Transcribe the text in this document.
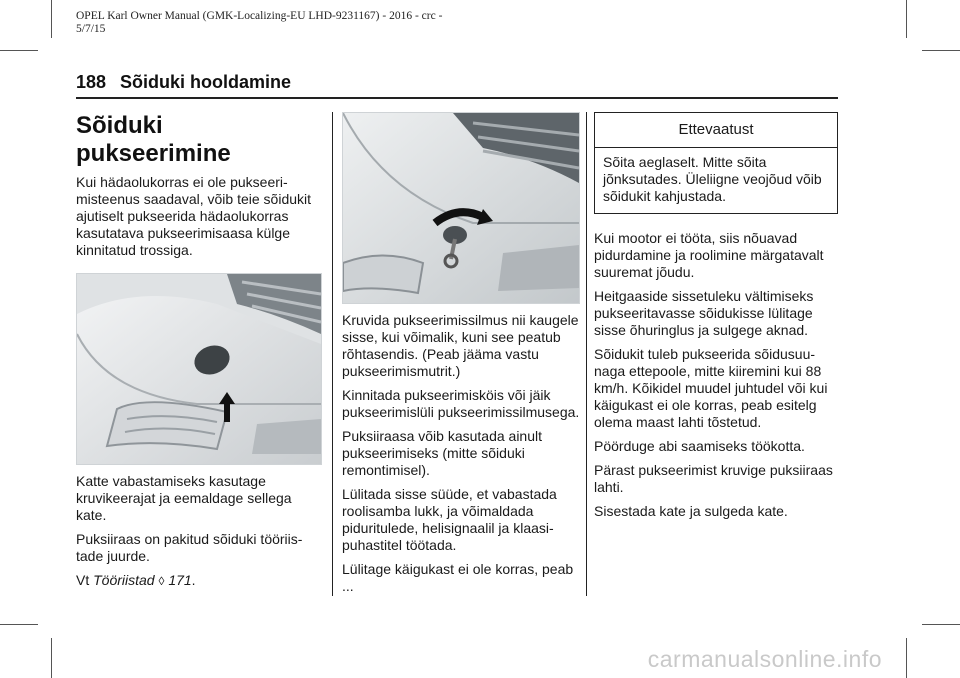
OPEL Karl Owner Manual (GMK-Localizing-EU LHD-9231167) - 2016 - crc -
5/7/15
188 Sõiduki hooldamine
Sõiduki pukseerimine

Kui hädaolukorras ei ole pukseerimisteenus saadaval, võib teie sõidukit ajutiselt pukseerida hädaolukorras kasutatava pukseerimisaasa külge kinnitatud trossiga.

Katte vabastamiseks kasutage kruvikeerajat ja eemaldage sellega kate.

Puksiiraas on pakitud sõiduki tööriistade juurde.

Vt Tööriistad ◊ 171.

Kruvida pukseerimissilmus nii kaugele sisse, kui võimalik, kuni see peatub rõhtasendis. (Peab jääma vastu pukseerimismutrit.)

Kinnitada pukseerimisköis või jäik pukseerimislüli pukseerimissilmusega.

Puksiiraasa võib kasutada ainult pukseerimiseks (mitte sõiduki remontimisel).

Lülitada sisse süüde, et vabastada roolisamba lukk, ja võimaldada piduritulede, helisignaalil ja klaasipuhastitel töötada.

Lülitage käigukast ei ole korras, peab ...

Ettevaatust
Sõita aeglaselt. Mitte sõita jõnksutades. Üleliigne veojõud võib sõidukit kahjustada.

Kui mootor ei tööta, siis nõuavad pidurdamine ja roolimine märgatavalt suuremat jõudu.

Heitgaaside sissetuleku vältimiseks pukseeritavasse sõidukisse lülitage sisse õhuringlus ja sulgege aknad.

Sõidukit tuleb pukseerida sõidusuunaga ettepoole, mitte kiiremini kui 88 km/h. Kõikidel muudel juhtudel või kui käigukast ei ole korras, peab esitelg olema maast lahti tõstetud.

Pöörduge abi saamiseks töökotta.

Pärast pukseerimist kruvige puksiiraas lahti.

Sisestada kate ja sulgeda kate.

carmanualsonline.info
